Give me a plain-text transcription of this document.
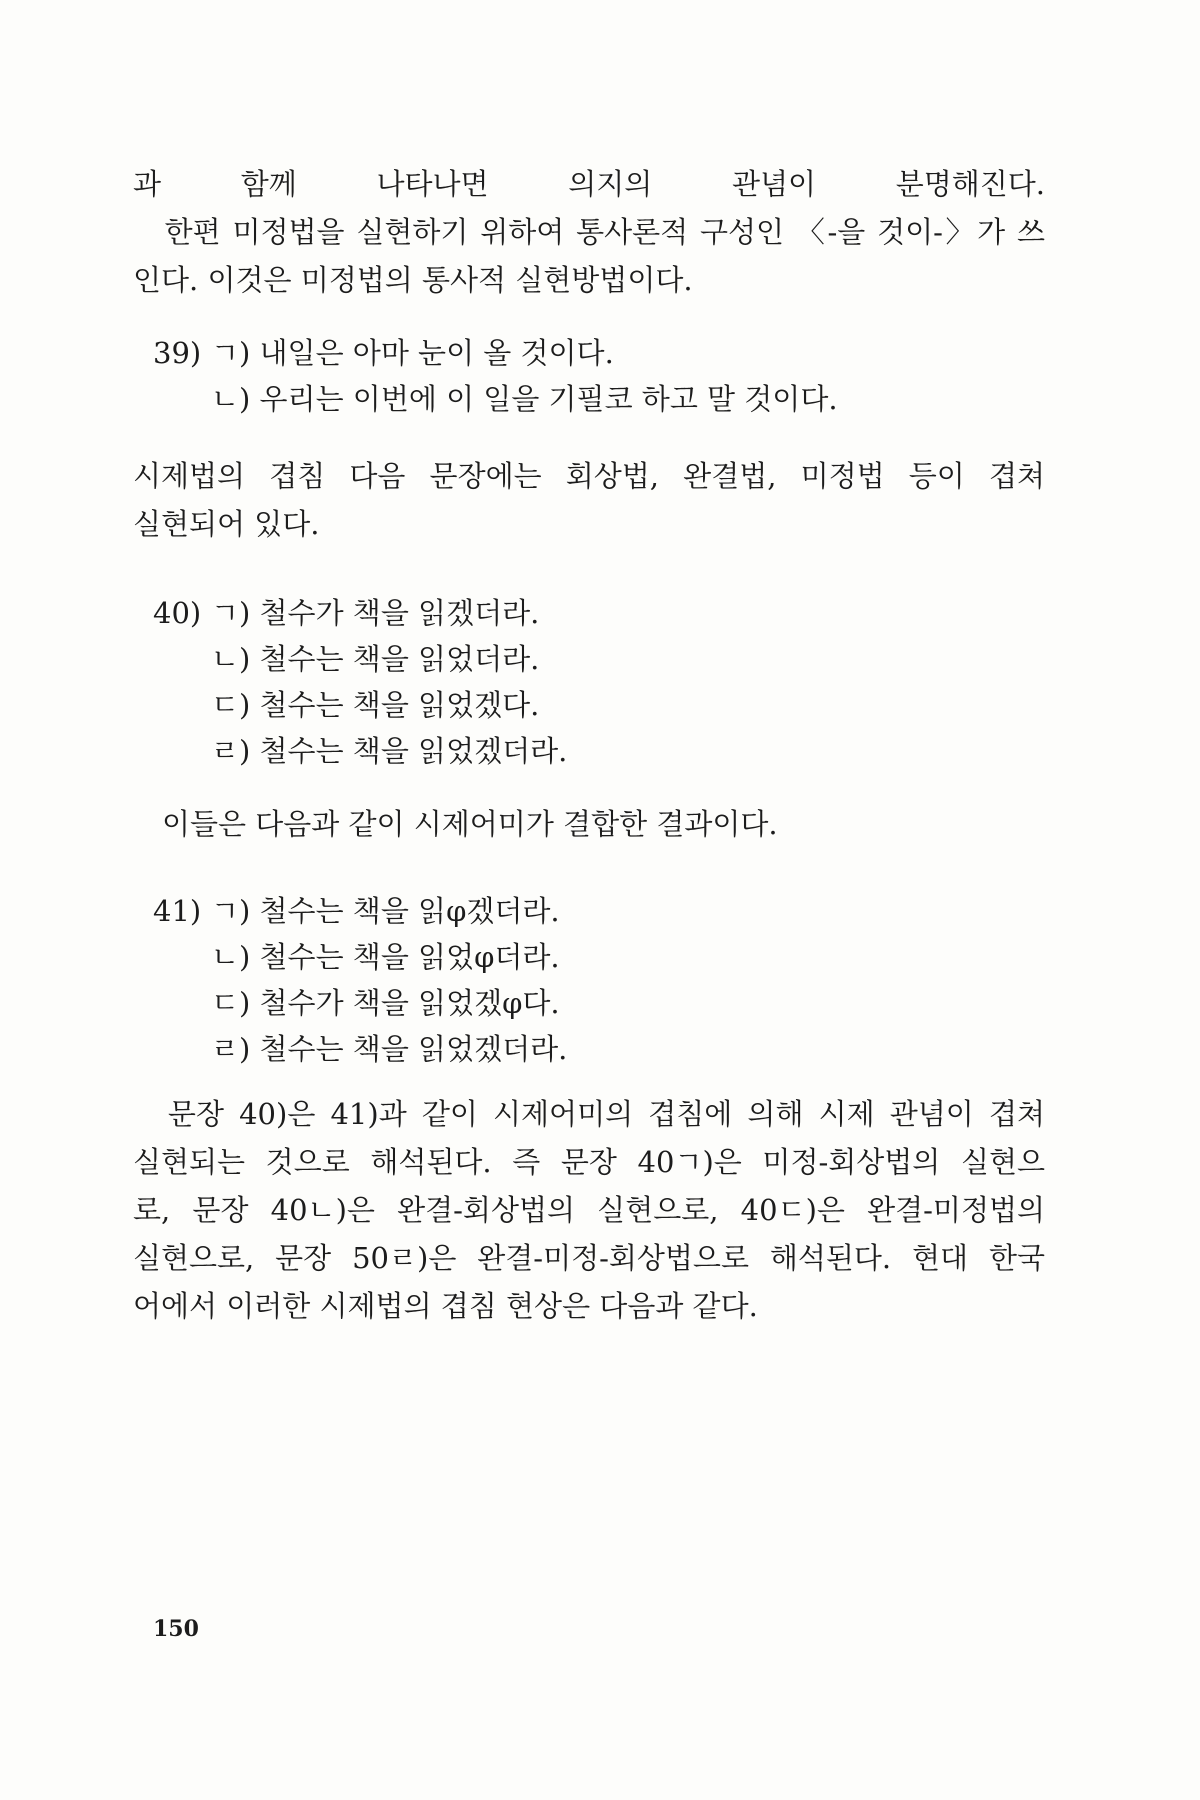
과 함께 나타나면 의지의 관념이 분명해진다.
　한편 미정법을 실현하기 위하여 통사론적 구성인 〈-을 것이-〉가 쓰
인다. 이것은 미정법의 통사적 실현방법이다.

39) ㄱ) 내일은 아마 눈이 올 것이다.
ㄴ) 우리는 이번에 이 일을 기필코 하고 말 것이다.

시제법의 겹침 다음 문장에는 회상법, 완결법, 미정법 등이 겹쳐
실현되어 있다.

40) ㄱ) 철수가 책을 읽겠더라.
ㄴ) 철수는 책을 읽었더라.
ㄷ) 철수는 책을 읽었겠다.
ㄹ) 철수는 책을 읽었겠더라.

　이들은 다음과 같이 시제어미가 결합한 결과이다.

41) ㄱ) 철수는 책을 읽φ겠더라.
ㄴ) 철수는 책을 읽었φ더라.
ㄷ) 철수가 책을 읽었겠φ다.
ㄹ) 철수는 책을 읽었겠더라.

　문장 40)은 41)과 같이 시제어미의 겹침에 의해 시제 관념이 겹쳐
실현되는 것으로 해석된다. 즉 문장 40ㄱ)은 미정-회상법의 실현으
로, 문장 40ㄴ)은 완결-회상법의 실현으로, 40ㄷ)은 완결-미정법의
실현으로, 문장 50ㄹ)은 완결-미정-회상법으로 해석된다. 현대 한국
어에서 이러한 시제법의 겹침 현상은 다음과 같다.

150
